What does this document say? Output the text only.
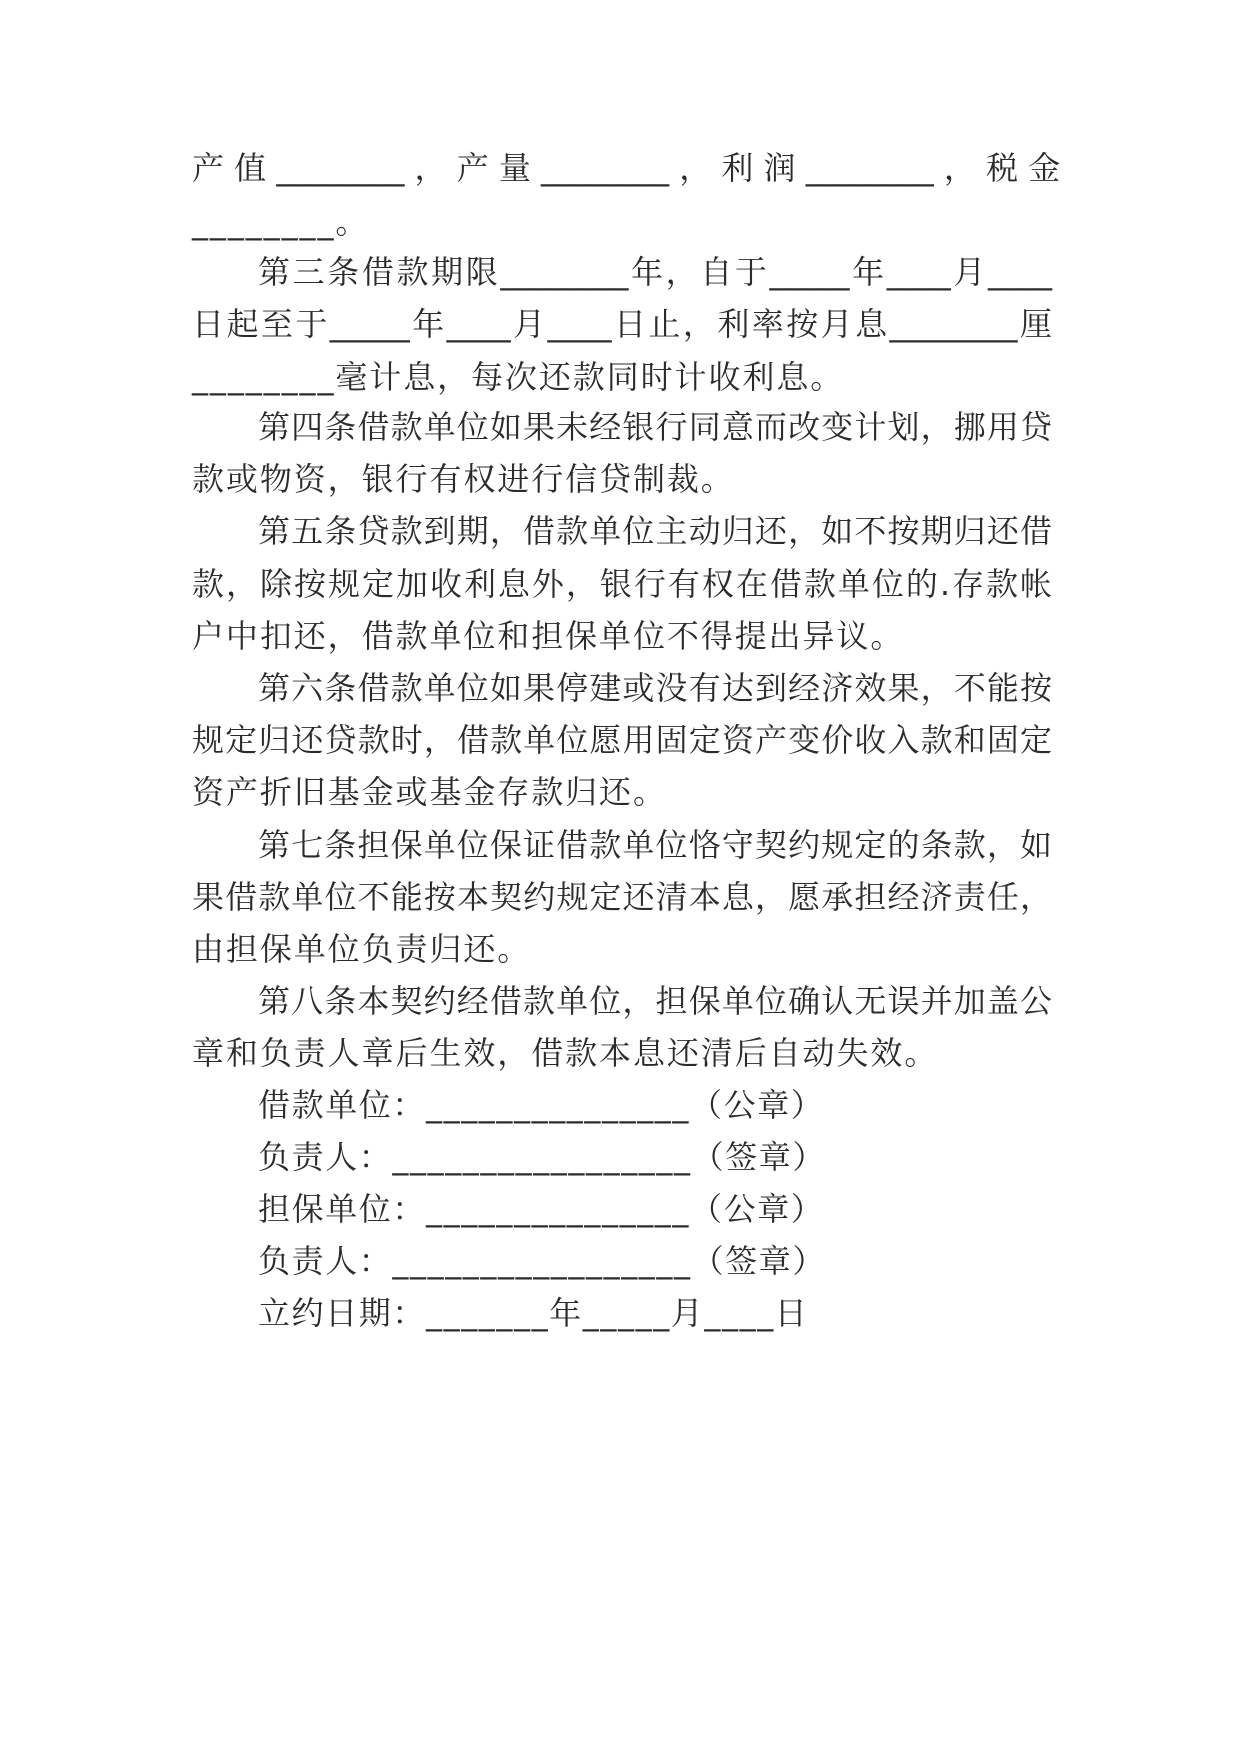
产 值 ________ ， 产 量 ________ ， 利 润 ________ ， 税 金
________。
第三条借款期限________年，自于_____年____月____
日起至于_____年____月____日止，利率按月息________厘
________毫计息，每次还款同时计收利息。
第四条借款单位如果未经银行同意而改变计划，挪用贷
款或物资，银行有权进行信贷制裁。
第五条贷款到期，借款单位主动归还，如不按期归还借
款，除按规定加收利息外，银行有权在借款单位的.存款帐
户中扣还，借款单位和担保单位不得提出异议。
第六条借款单位如果停建或没有达到经济效果，不能按
规定归还贷款时，借款单位愿用固定资产变价收入款和固定
资产折旧基金或基金存款归还。
第七条担保单位保证借款单位恪守契约规定的条款，如
果借款单位不能按本契约规定还清本息，愿承担经济责任，
由担保单位负责归还。
第八条本契约经借款单位，担保单位确认无误并加盖公
章和负责人章后生效，借款本息还清后自动失效。
借款单位：_______________（公章）
负责人：_________________（签章）
担保单位：_______________（公章）
负责人：_________________（签章）
立约日期：_______年_____月____日
